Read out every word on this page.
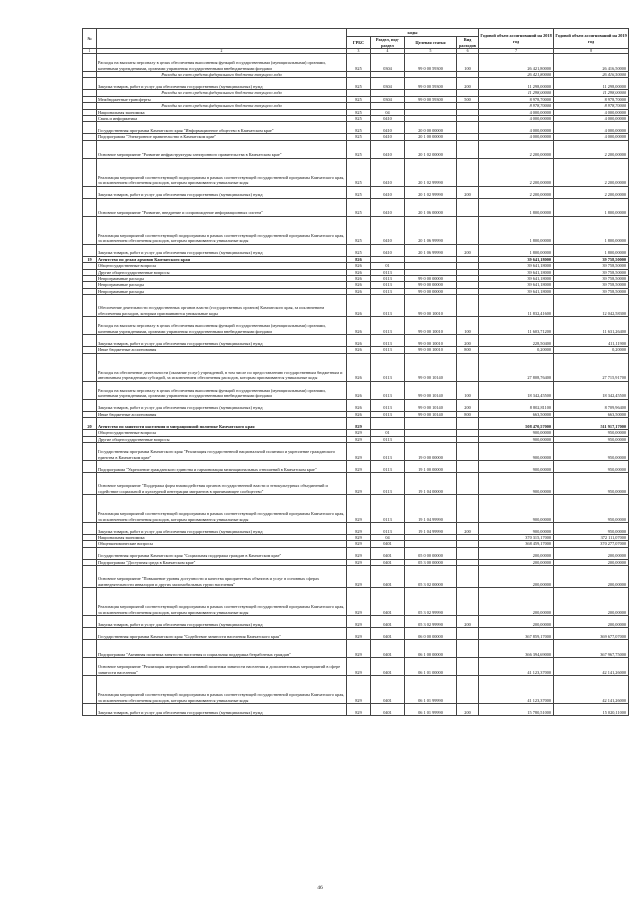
№		коды				Годовой объем ассигнований на 2018 год	Годовой объем ассигнований на 2019 год
		ГРБС	Раздел, под-раздел	Целевая статья	Вид расходов		
1	2	3	4	5	6	7	8
	Расходы на выплаты персоналу в целях обеспечения выполнения функций государственными (муниципальными) органами, казенными учреждениями, органами управления государственными внебюджетными фондами	825	0304	99 0 00 59300	100	26 421,80000	26 416,50000
	Расходы за счет средств федерального бюджета текущего года					26 421,80000	26 416,50000
	Закупка товаров, работ и услуг для обеспечения государственных (муниципальных) нужд	825	0304	99 0 00 59300	200	11 298,00000	11 298,00000
	Расходы за счет средств федерального бюджета текущего года					11 298,00000	11 298,00000
	Межбюджетные трансферты	825	0304	99 0 00 59300	500	8 978,70000	8 978,70000
	Расходы за счет средств федерального бюджета текущего года					8 978,70000	8 978,70000
	Национальная экономика	825	04			4 000,00000	4 000,00000
	Связь и информатика	825	0410			4 000,00000	4 000,00000
	Государственная программа Камчатского края "Информационное общество в Камчатском крае"	825	0410	20 0 00 00000		4 000,00000	4 000,00000
	Подпрограмма "Электронное правительство в Камчатском крае"	825	0410	20 1 00 00000		4 000,00000	4 000,00000
	Основное мероприятие "Развитие инфраструктуры электронного правительства в Камчатском крае"	825	0410	20 1 02 00000		2 200,00000	2 200,00000
	Реализация мероприятий соответствующей подпрограммы в рамках соответствующей государственной программы Камчатского края, за исключением обеспечения расходов, которым присваиваются уникальные коды	825	0410	20 1 02 99990		2 200,00000	2 200,00000
	Закупка товаров, работ и услуг для обеспечения государственных (муниципальных) нужд	825	0410	20 1 02 99990	200	2 200,00000	2 200,00000
	Основное мероприятие "Развитие, внедрение и сопровождение информационных систем"	825	0410	20 1 06 00000		1 800,00000	1 800,00000
	Реализация мероприятий соответствующей подпрограммы в рамках соответствующей государственной программы Камчатского края, за исключением обеспечения расходов, которым присваиваются уникальные коды	825	0410	20 1 06 99990		1 800,00000	1 800,00000
	Закупка товаров, работ и услуг для обеспечения государственных (муниципальных) нужд	825	0410	20 1 06 99990	200	1 800,00000	1 800,00000
19	Агентство по делам архивов Камчатского края	826				39 641,18000	39 758,50000
	Общегосударственные вопросы	826	01			39 641,18000	39 758,50000
	Другие общегосударственные вопросы	826	0113			39 641,18000	39 758,50000
	Непрограммные расходы	826	0113	99 0 00 00000		39 641,18000	39 758,50000
	Непрограммные расходы	826	0113	99 0 00 00000		39 641,18000	39 758,50000
	Непрограммные расходы	826	0113	99 0 00 00000		39 641,18000	39 758,50000
	Обеспечение деятельности государственных органов власти (государственных органов) Камчатского края, за исключением обеспечения расходов, которым присваиваются уникальные коды	826	0113	99 0 00 10010		11 832,41600	12 042,58300
	Расходы на выплаты персоналу в целях обеспечения выполнения функций государственными (муниципальными) органами, казенными учреждениями, органами управления государственными внебюджетными фондами	826	0113	99 0 00 10010	100	11 603,71200	11 631,26400
	Закупка товаров, работ и услуг для обеспечения государственных (муниципальных) нужд	826	0113	99 0 00 10010	200	228,50400	411,11900
	Иные бюджетные ассигнования	826	0113	99 0 00 10010	800	0,20000	0,20000
	Расходы на обеспечение деятельности (оказание услуг) учреждений, в том числе по предоставлению государственным бюджетным и автономным учреждениям субсидий, за исключением обеспечения расходов, которым присваиваются уникальные коды	826	0113	99 0 00 10140		27 808,76400	27 715,91700
	Расходы на выплаты персоналу в целях обеспечения выполнения функций государственными (муниципальными) органами, казенными учреждениями, органами управления государственными внебюджетными фондами	826	0113	99 0 00 10140	100	18 342,45500	18 342,45500
	Закупка товаров, работ и услуг для обеспечения государственных (муниципальных) нужд	826	0113	99 0 00 10140	200	8 802,81100	8 709,96400
	Иные бюджетные ассигнования	826	0113	99 0 00 10140	800	663,50000	663,50000
20	Агентство по занятости населения и миграционной политике Камчатского края	829				508 470,57000	511 917,17000
	Общегосударственные вопросы	829	01			900,00000	950,00000
	Другие общегосударственные вопросы	829	0113			900,00000	950,00000
	Государственная программа Камчатского края "Реализация государственной национальной политики и укрепление гражданского единства в Камчатском крае"	829	0113	19 0 00 00000		900,00000	950,00000
	Подпрограмма "Укрепление гражданского единства и гармонизация межнациональных отношений в Камчатском крае"	829	0113	19 1 00 00000		900,00000	950,00000
	Основное мероприятие "Поддержка форм взаимодействия органов государственной власти и этнокультурных объединений и содействие социальной и культурной интеграции мигрантов в принимающее сообщество"	829	0113	19 1 04 00000		900,00000	950,00000
	Реализация мероприятий соответствующей подпрограммы в рамках соответствующей государственной программы Камчатского края, за исключением обеспечения расходов, которым присваиваются уникальные коды	829	0113	19 1 04 99990		900,00000	950,00000
	Закупка товаров, работ и услуг для обеспечения государственных (муниципальных) нужд	829	0113	19 1 04 99990	200	900,00000	950,00000
	Национальная экономика	829	04			370 315,17000	372 111,07000
	Общеэкономические вопросы	829	0401			368 459,17000	370 277,07000
	Государственная программа Камчатского края "Социальная поддержка граждан в Камчатском крае"	829	0401	05 0 00 00000		200,00000	200,00000
	Подпрограмма "Доступная среда в Камчатском крае"	829	0401	05 3 00 00000		200,00000	200,00000
	Основное мероприятие "Повышение уровня доступности и качества приоритетных объектов и услуг в основных сферах жизнедеятельности инвалидов и других маломобильных групп населения"	829	0401	05 3 02 00000		200,00000	200,00000
	Реализация мероприятий соответствующей подпрограммы в рамках соответствующей государственной программы Камчатского края, за исключением обеспечения расходов, которым присваиваются уникальные коды	829	0401	05 3 02 99990		200,00000	200,00000
	Закупка товаров, работ и услуг для обеспечения государственных (муниципальных) нужд	829	0401	05 3 02 99990	200	200,00000	200,00000
	Государственная программа Камчатского края "Содействие занятости населения Камчатского края"	829	0401	06 0 00 00000		367 859,17000	369 677,07000
	Подпрограмма "Активная политика занятости населения и социальная поддержка безработных граждан"	829	0401	06 1 00 00000		366 394,69000	367 967,75000
	Основное мероприятие "Реализация мероприятий активной политики занятости населения и дополнительных мероприятий в сфере занятости населения"	829	0401	06 1 01 00000		41 123,37000	42 141,26000
	Реализация мероприятий соответствующей подпрограммы в рамках соответствующей государственной программы Камчатского края, за исключением обеспечения расходов, которым присваиваются уникальные коды	829	0401	06 1 01 99990		41 123,37000	42 141,26000
	Закупка товаров, работ и услуг для обеспечения государственных (муниципальных) нужд	829	0401	06 1 01 99990	200	15 780,51000	15 020,11000
46
